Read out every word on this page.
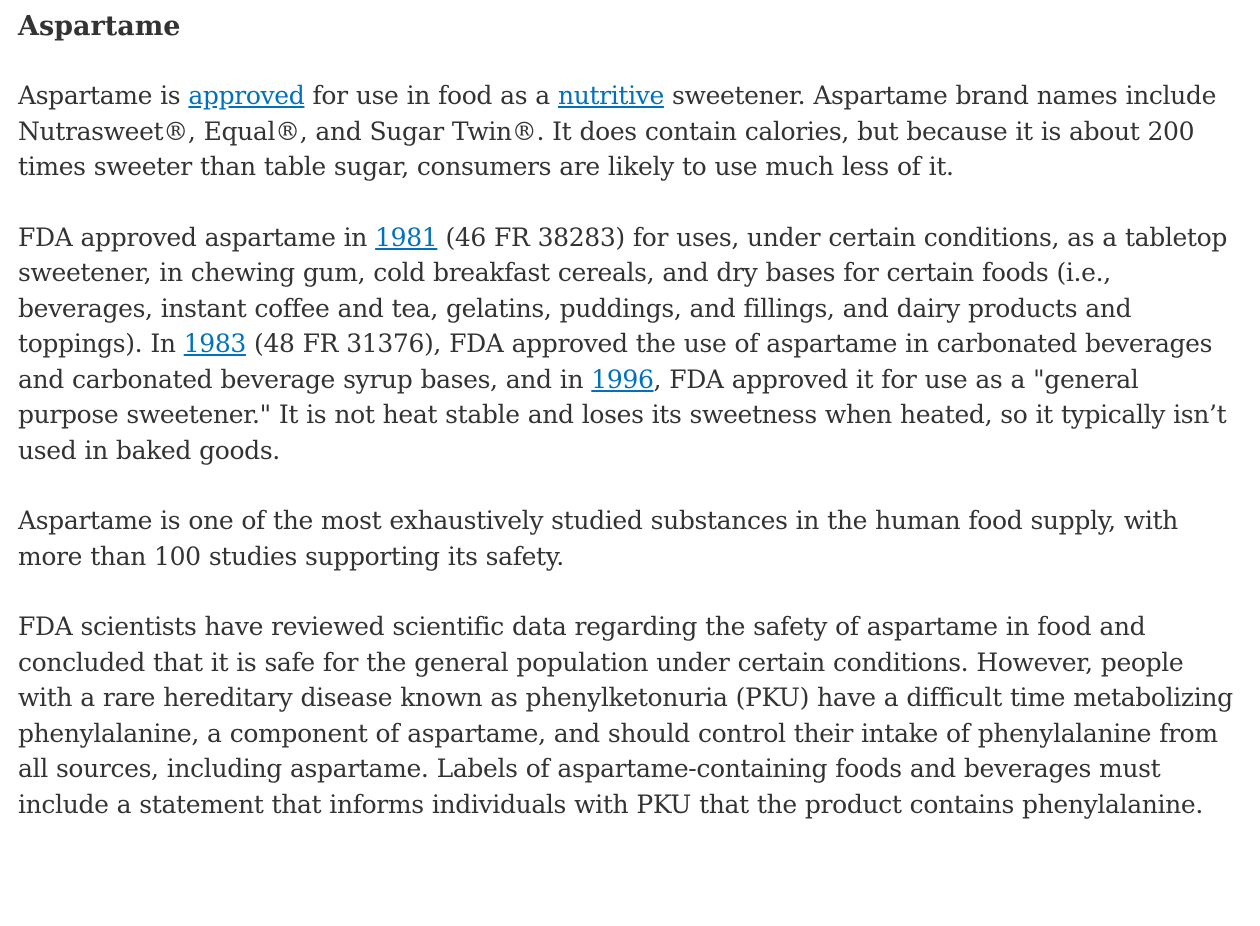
Aspartame

Aspartame is approved for use in food as a nutritive sweetener. Aspartame brand names include Nutrasweet®, Equal®, and Sugar Twin®. It does contain calories, but because it is about 200 times sweeter than table sugar, consumers are likely to use much less of it.

FDA approved aspartame in 1981 (46 FR 38283) for uses, under certain conditions, as a tabletop sweetener, in chewing gum, cold breakfast cereals, and dry bases for certain foods (i.e., beverages, instant coffee and tea, gelatins, puddings, and fillings, and dairy products and toppings). In 1983 (48 FR 31376), FDA approved the use of aspartame in carbonated beverages and carbonated beverage syrup bases, and in 1996, FDA approved it for use as a "general purpose sweetener." It is not heat stable and loses its sweetness when heated, so it typically isn’t used in baked goods.

Aspartame is one of the most exhaustively studied substances in the human food supply, with more than 100 studies supporting its safety.

FDA scientists have reviewed scientific data regarding the safety of aspartame in food and concluded that it is safe for the general population under certain conditions. However, people with a rare hereditary disease known as phenylketonuria (PKU) have a difficult time metabolizing phenylalanine, a component of aspartame, and should control their intake of phenylalanine from all sources, including aspartame. Labels of aspartame-containing foods and beverages must include a statement that informs individuals with PKU that the product contains phenylalanine.
